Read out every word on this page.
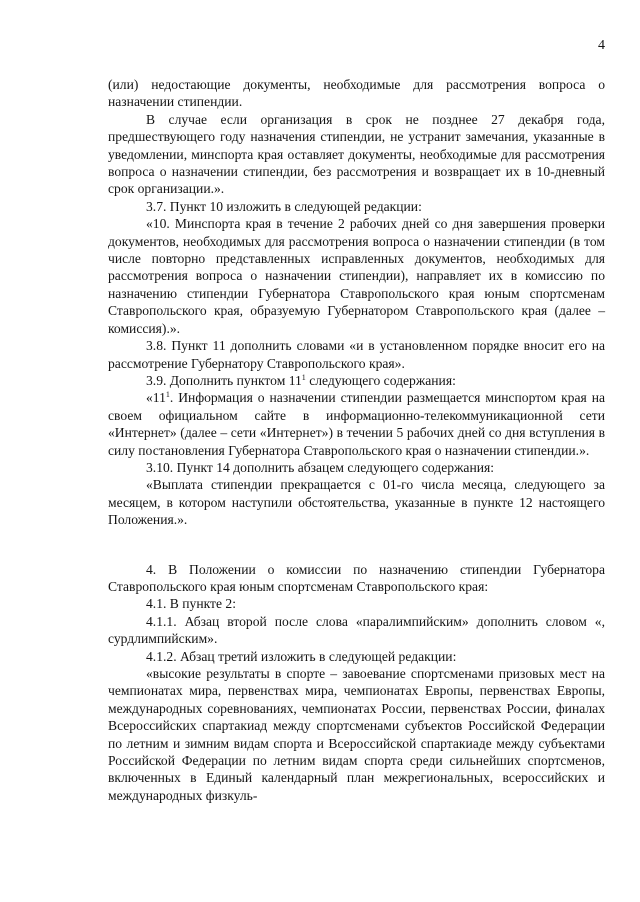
4

(или) недостающие документы, необходимые для рассмотрения вопроса о назначении стипендии.

В случае если организация в срок не позднее 27 декабря года, предшествующего году назначения стипендии, не устранит замечания, указанные в уведомлении, минспорта края оставляет документы, необходимые для рассмотрения вопроса о назначении стипендии, без рассмотрения и возвращает их в 10-дневный срок организации.».

3.7. Пункт 10 изложить в следующей редакции:

«10. Минспорта края в течение 2 рабочих дней со дня завершения проверки документов, необходимых для рассмотрения вопроса о назначении стипендии (в том числе повторно представленных исправленных документов, необходимых для рассмотрения вопроса о назначении стипендии), направляет их в комиссию по назначению стипендии Губернатора Ставропольского края юным спортсменам Ставропольского края, образуемую Губернатором Ставропольского края (далее – комиссия).».

3.8. Пункт 11 дополнить словами «и в установленном порядке вносит его на рассмотрение Губернатору Ставропольского края».

3.9. Дополнить пунктом $11^1$ следующего содержания:

«$11^1$. Информация о назначении стипендии размещается минспортом края на своем официальном сайте в информационно-телекоммуникационной сети «Интернет» (далее – сети «Интернет») в течении 5 рабочих дней со дня вступления в силу постановления Губернатора Ставропольского края о назначении стипендии.».

3.10. Пункт 14 дополнить абзацем следующего содержания:

«Выплата стипендии прекращается с 01-го числа месяца, следующего за месяцем, в котором наступили обстоятельства, указанные в пункте 12 настоящего Положения.».

4. В Положении о комиссии по назначению стипендии Губернатора Ставропольского края юным спортсменам Ставропольского края:

4.1. В пункте 2:

4.1.1. Абзац второй после слова «паралимпийским» дополнить словом «, сурдлимпийским».

4.1.2. Абзац третий изложить в следующей редакции:

«высокие результаты в спорте – завоевание спортсменами призовых мест на чемпионатах мира, первенствах мира, чемпионатах Европы, первенствах Европы, международных соревнованиях, чемпионатах России, первенствах России, финалах Всероссийских спартакиад между спортсменами субъектов Российской Федерации по летним и зимним видам спорта и Всероссийской спартакиаде между субъектами Российской Федерации по летним видам спорта среди сильнейших спортсменов, включенных в Единый календарный план межрегиональных, всероссийских и международных физкуль-
